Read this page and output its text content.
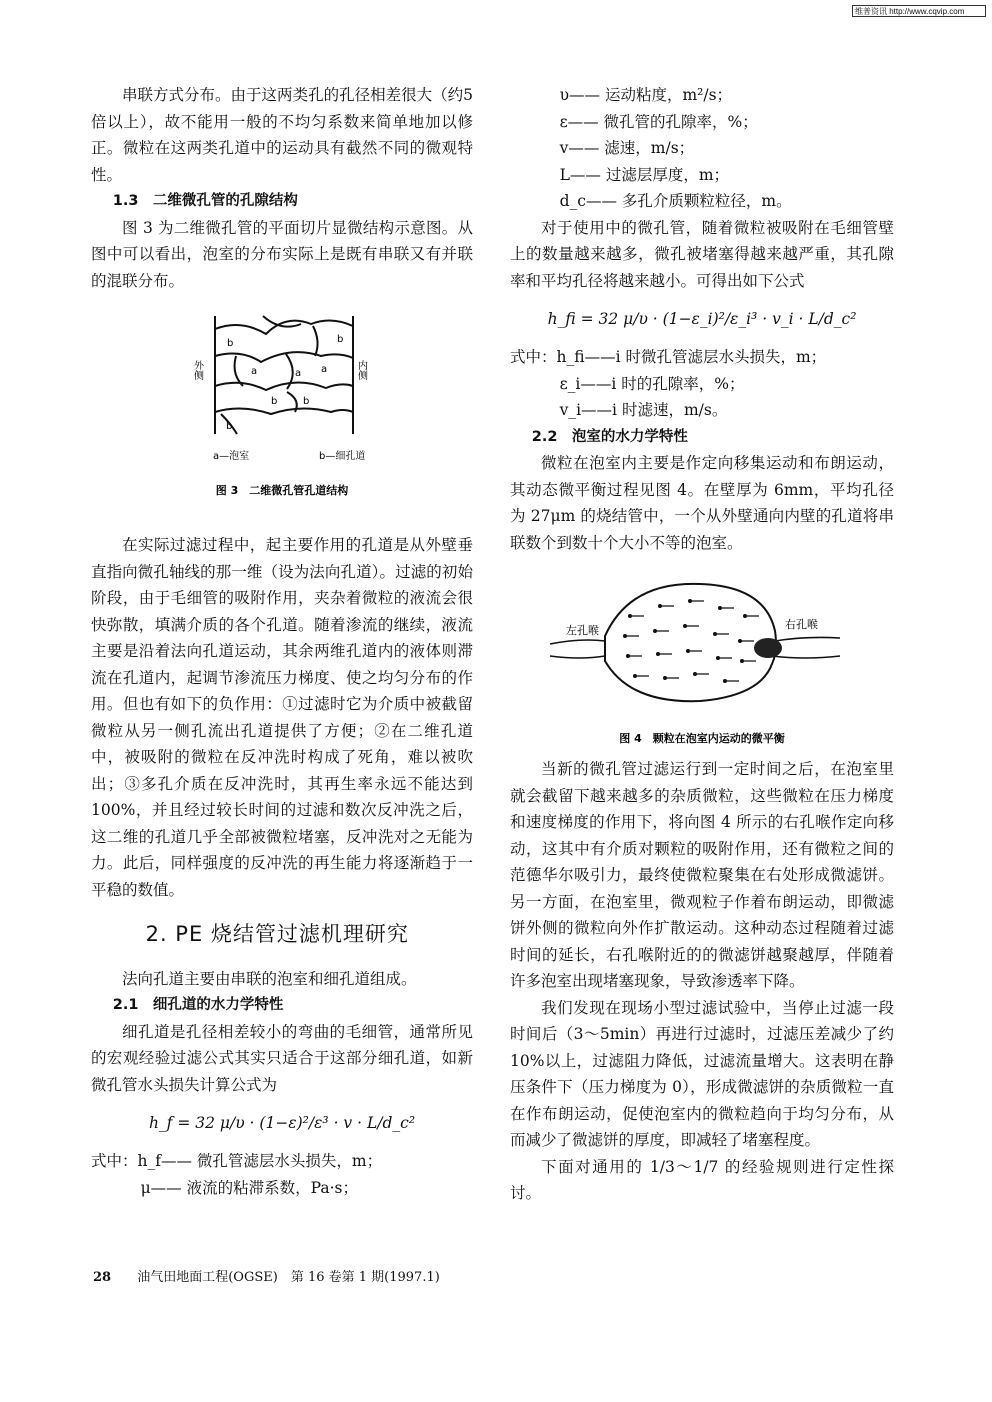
维普资讯 http://www.cqvip.com

串联方式分布。由于这两类孔的孔径相差很大（约5倍以上），故不能用一般的不均匀系数来简单地加以修正。微粒在这两类孔道中的运动具有截然不同的微观特性。

1.3　二维微孔管的孔隙结构

图 3 为二维微孔管的平面切片显微结构示意图。从图中可以看出，泡室的分布实际上是既有串联又有并联的混联分布。

b
a	a a
b
b	b
b
外侧	内侧
a—泡室	b—细孔道
图 3　二维微孔管孔道结构

在实际过滤过程中，起主要作用的孔道是从外壁垂直指向微孔轴线的那一维（设为法向孔道）。过滤的初始阶段，由于毛细管的吸附作用，夹杂着微粒的液流会很快弥散，填满介质的各个孔道。随着渗流的继续，液流主要是沿着法向孔道运动，其余两维孔道内的液体则滞流在孔道内，起调节渗流压力梯度、使之均匀分布的作用。但也有如下的负作用：①过滤时它为介质中被截留微粒从另一侧孔流出孔道提供了方便；②在二维孔道中，被吸附的微粒在反冲洗时构成了死角，难以被吹出；③多孔介质在反冲洗时，其再生率永远不能达到100%，并且经过较长时间的过滤和数次反冲洗之后，这二维的孔道几乎全部被微粒堵塞，反冲洗对之无能为力。此后，同样强度的反冲洗的再生能力将逐渐趋于一平稳的数值。

2. PE 烧结管过滤机理研究

法向孔道主要由串联的泡室和细孔道组成。

2.1　细孔道的水力学特性

细孔道是孔径相差较小的弯曲的毛细管，通常所见的宏观经验过滤公式其实只适合于这部分细孔道，如新微孔管水头损失计算公式为

h_f = 32 μ/υ · (1−ε)²/ε³ · v · L/d_c²

式中：h_f—— 微孔管滤层水头损失，m；

μ—— 液流的粘滞系数，Pa·s；

υ—— 运动粘度，m²/s；

ε—— 微孔管的孔隙率，%；

v—— 滤速，m/s；

L—— 过滤层厚度，m；

d_c—— 多孔介质颗粒粒径，m。

对于使用中的微孔管，随着微粒被吸附在毛细管壁上的数量越来越多，微孔被堵塞得越来越严重，其孔隙率和平均孔径将越来越小。可得出如下公式

h_fi = 32 μ/υ · (1−ε_i)²/ε_i³ · v_i · L/d_c²

式中：h_fi——i 时微孔管滤层水头损失，m；

ε_i——i 时的孔隙率，%；

v_i——i 时滤速，m/s。

2.2　泡室的水力学特性

微粒在泡室内主要是作定向移集运动和布朗运动，其动态微平衡过程见图 4。在壁厚为 6mm，平均孔径为 27μm 的烧结管中，一个从外壁通向内壁的孔道将串联数个到数十个大小不等的泡室。

左孔喉	右孔喉
图 4　颗粒在泡室内运动的微平衡

当新的微孔管过滤运行到一定时间之后，在泡室里就会截留下越来越多的杂质微粒，这些微粒在压力梯度和速度梯度的作用下，将向图 4 所示的右孔喉作定向移动，这其中有介质对颗粒的吸附作用，还有微粒之间的范德华尔吸引力，最终使微粒聚集在右处形成微滤饼。另一方面，在泡室里，微观粒子作着布朗运动，即微滤饼外侧的微粒向外作扩散运动。这种动态过程随着过滤时间的延长，右孔喉附近的的微滤饼越聚越厚，伴随着许多泡室出现堵塞现象，导致渗透率下降。

我们发现在现场小型过滤试验中，当停止过滤一段时间后（3～5min）再进行过滤时，过滤压差减少了约 10%以上，过滤阻力降低，过滤流量增大。这表明在静压条件下（压力梯度为 0），形成微滤饼的杂质微粒一直在作布朗运动，促使泡室内的微粒趋向于均匀分布，从而减少了微滤饼的厚度，即减轻了堵塞程度。

下面对通用的 1/3～1/7 的经验规则进行定性探讨。

28 油气田地面工程(OGSE)　第 16 卷第 1 期(1997.1)
